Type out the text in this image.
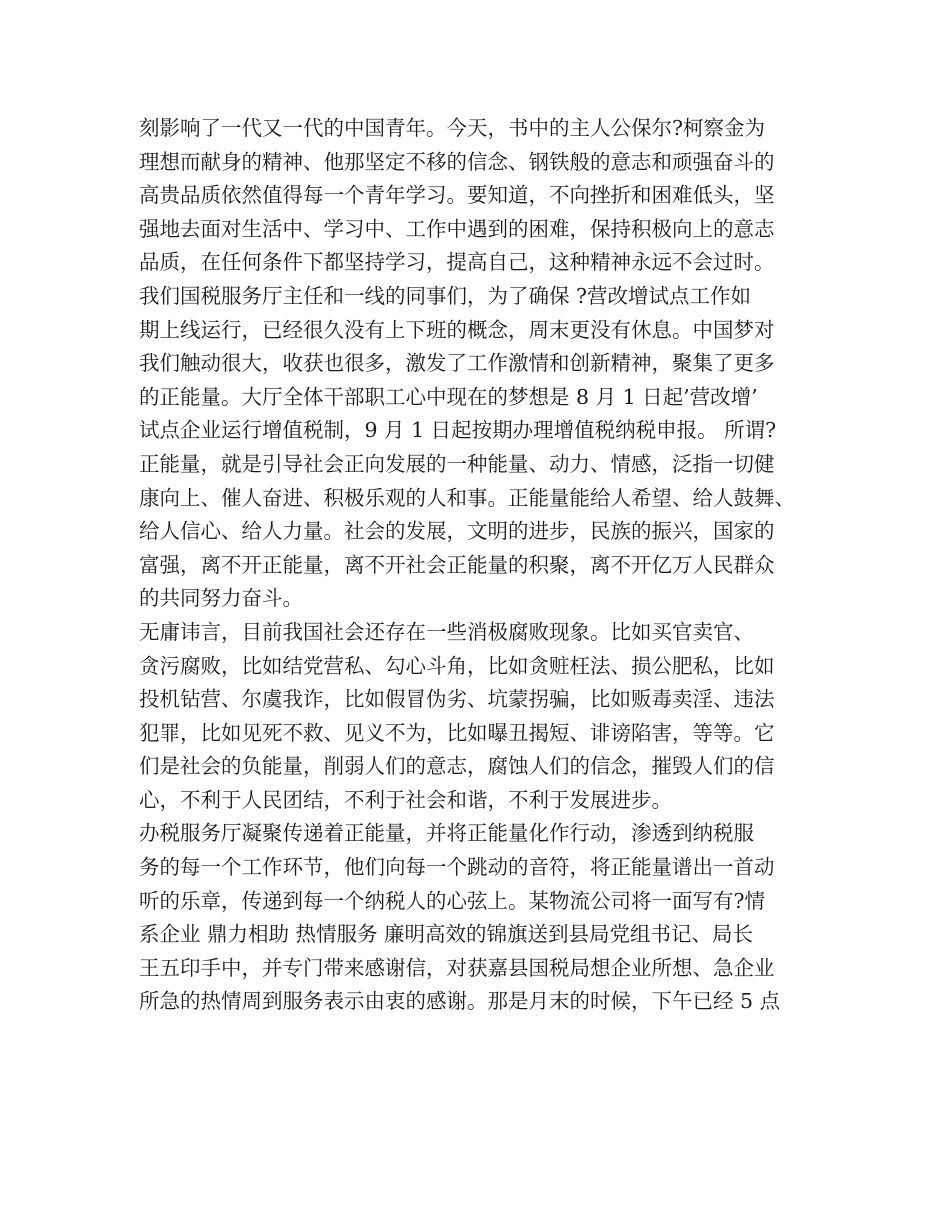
刻影响了一代又一代的中国青年。今天，书中的主人公保尔?柯察金为
理想而献身的精神、他那坚定不移的信念、钢铁般的意志和顽强奋斗的
高贵品质依然值得每一个青年学习。要知道，不向挫折和困难低头，坚
强地去面对生活中、学习中、工作中遇到的困难，保持积极向上的意志
品质，在任何条件下都坚持学习，提高自己，这种精神永远不会过时。
我们国税服务厅主任和一线的同事们，为了确保 ?营改增试点工作如
期上线运行，已经很久没有上下班的概念，周末更没有休息。中国梦对
我们触动很大，收获也很多，激发了工作激情和创新精神，聚集了更多
的正能量。大厅全体干部职工心中现在的梦想是 8 月 1 日起’营改增’
试点企业运行增值税制，9 月 1 日起按期办理增值税纳税申报。 所谓?
正能量，就是引导社会正向发展的一种能量、动力、情感，泛指一切健
康向上、催人奋进、积极乐观的人和事。正能量能给人希望、给人鼓舞、
给人信心、给人力量。社会的发展，文明的进步，民族的振兴，国家的
富强，离不开正能量，离不开社会正能量的积聚，离不开亿万人民群众
的共同努力奋斗。
无庸讳言，目前我国社会还存在一些消极腐败现象。比如买官卖官、
贪污腐败，比如结党营私、勾心斗角，比如贪赃枉法、损公肥私，比如
投机钻营、尔虞我诈，比如假冒伪劣、坑蒙拐骗，比如贩毒卖淫、违法
犯罪，比如见死不救、见义不为，比如曝丑揭短、诽谤陷害，等等。它
们是社会的负能量，削弱人们的意志，腐蚀人们的信念，摧毁人们的信
心，不利于人民团结，不利于社会和谐，不利于发展进步。
办税服务厅凝聚传递着正能量，并将正能量化作行动，渗透到纳税服
务的每一个工作环节，他们向每一个跳动的音符，将正能量谱出一首动
听的乐章，传递到每一个纳税人的心弦上。某物流公司将一面写有?情
系企业 鼎力相助 热情服务 廉明高效的锦旗送到县局党组书记、局长
王五印手中，并专门带来感谢信，对获嘉县国税局想企业所想、急企业
所急的热情周到服务表示由衷的感谢。那是月末的时候，下午已经 5 点
